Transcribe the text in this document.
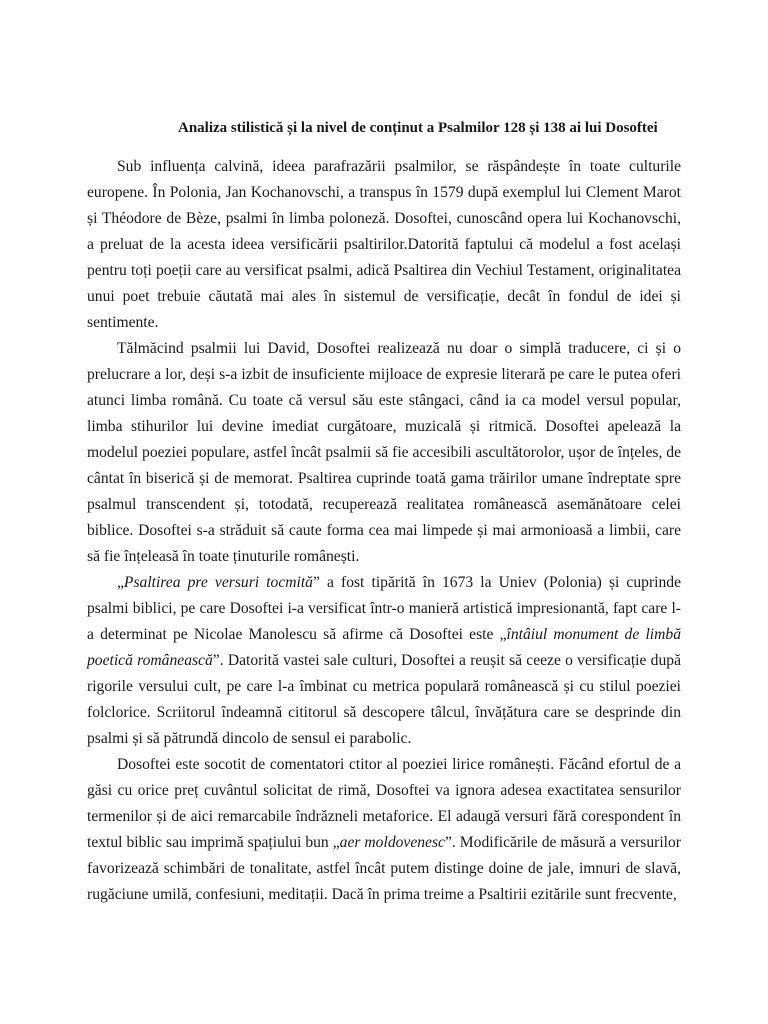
Analiza stilistică și la nivel de conținut a Psalmilor 128 și 138 ai lui Dosoftei

Sub influența calvină, ideea parafrazării psalmilor, se răspândește în toate culturile europene. În Polonia, Jan Kochanovschi, a transpus în 1579 după exemplul lui Clement Marot și Théodore de Bèze, psalmi în limba poloneză. Dosoftei, cunoscând opera lui Kochanovschi, a preluat de la acesta ideea versificării psaltirilor.Datorită faptului că modelul a fost același pentru toți poeții care au versificat psalmi, adică Psaltirea din Vechiul Testament, originalitatea unui poet trebuie căutată mai ales în sistemul de versificație, decât în fondul de idei și sentimente.

Tălmăcind psalmii lui David, Dosoftei realizează nu doar o simplă traducere, ci și o prelucrare a lor, deși s-a izbit de insuficiente mijloace de expresie literară pe care le putea oferi atunci limba română. Cu toate că versul său este stângaci, când ia ca model versul popular, limba stihurilor lui devine imediat curgătoare, muzicală și ritmică. Dosoftei apelează la modelul poeziei populare, astfel încât psalmii să fie accesibili ascultătorolor, ușor de înțeles, de cântat în biserică și de memorat. Psaltirea cuprinde toată gama trăirilor umane îndreptate spre psalmul transcendent și, totodată, recuperează realitatea românească asemănătoare celei biblice. Dosoftei s-a străduit să caute forma cea mai limpede și mai armonioasă a limbii, care să fie înțeleasă în toate ținuturile românești.

„Psaltirea pre versuri tocmită” a fost tipărită în 1673 la Uniev (Polonia) și cuprinde psalmi biblici, pe care Dosoftei i-a versificat într-o manieră artistică impresionantă, fapt care l-a determinat pe Nicolae Manolescu să afirme că Dosoftei este „întâiul monument de limbă poetică românească”. Datorită vastei sale culturi, Dosoftei a reușit să ceeze o versificație după rigorile versului cult, pe care l-a îmbinat cu metrica populară românească și cu stilul poeziei folclorice. Scriitorul îndeamnă cititorul să descopere tâlcul, învățătura care se desprinde din psalmi și să pătrundă dincolo de sensul ei parabolic.

Dosoftei este socotit de comentatori ctitor al poeziei lirice românești. Făcând efortul de a găsi cu orice preț cuvântul solicitat de rimă, Dosoftei va ignora adesea exactitatea sensurilor termenilor și de aici remarcabile îndrăzneli metaforice. El adaugă versuri fără corespondent în textul biblic sau imprimă spațiului bun „aer moldovenesc”. Modificările de măsură a versurilor favorizează schimbări de tonalitate, astfel încât putem distinge doine de jale, imnuri de slavă, rugăciune umilă, confesiuni, meditații. Dacă în prima treime a Psaltirii ezitările sunt frecvente,
